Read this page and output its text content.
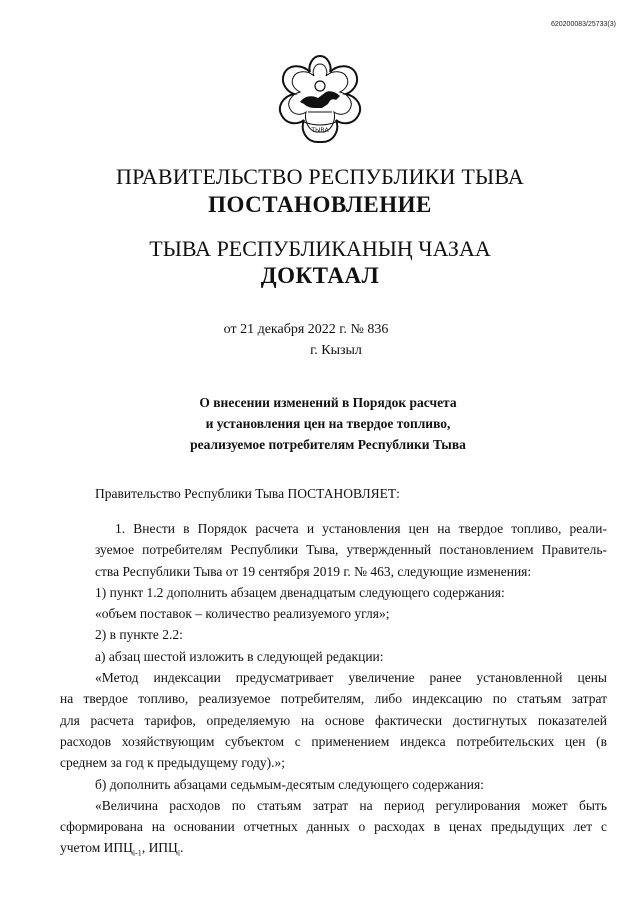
620200083/25733(3)
ТЫВА
ПРАВИТЕЛЬСТВО РЕСПУБЛИКИ ТЫВА
ПОСТАНОВЛЕНИЕ
ТЫВА РЕСПУБЛИКАНЫҢ ЧАЗАА
ДОКТААЛ
от 21 декабря 2022 г. № 836
г. Кызыл
О внесении изменений в Порядок расчета
и установления цен на твердое топливо,
реализуемое потребителям Республики Тыва
Правительство Республики Тыва ПОСТАНОВЛЯЕТ:
1. Внести в Порядок расчета и установления цен на твердое топливо, реали-
зуемое потребителям Республики Тыва, утвержденный постановлением Правитель-
ства Республики Тыва от 19 сентября 2019 г. № 463, следующие изменения:
1) пункт 1.2 дополнить абзацем двенадцатым следующего содержания:
«объем поставок – количество реализуемого угля»;
2) в пункте 2.2:
а) абзац шестой изложить в следующей редакции:
«Метод индексации предусматривает увеличение ранее установленной цены
на твердое топливо, реализуемое потребителям, либо индексацию по статьям затрат
для расчета тарифов, определяемую на основе фактически достигнутых показателей
расходов хозяйствующим субъектом с применением индекса потребительских цен (в
среднем за год к предыдущему году).»;
б) дополнить абзацами седьмым-десятым следующего содержания:
«Величина расходов по статьям затрат на период регулирования может быть
сформирована на основании отчетных данных о расходах в ценах предыдущих лет с
учетом $ИПЦ_{i-1}$, $ИПЦ_i$.
